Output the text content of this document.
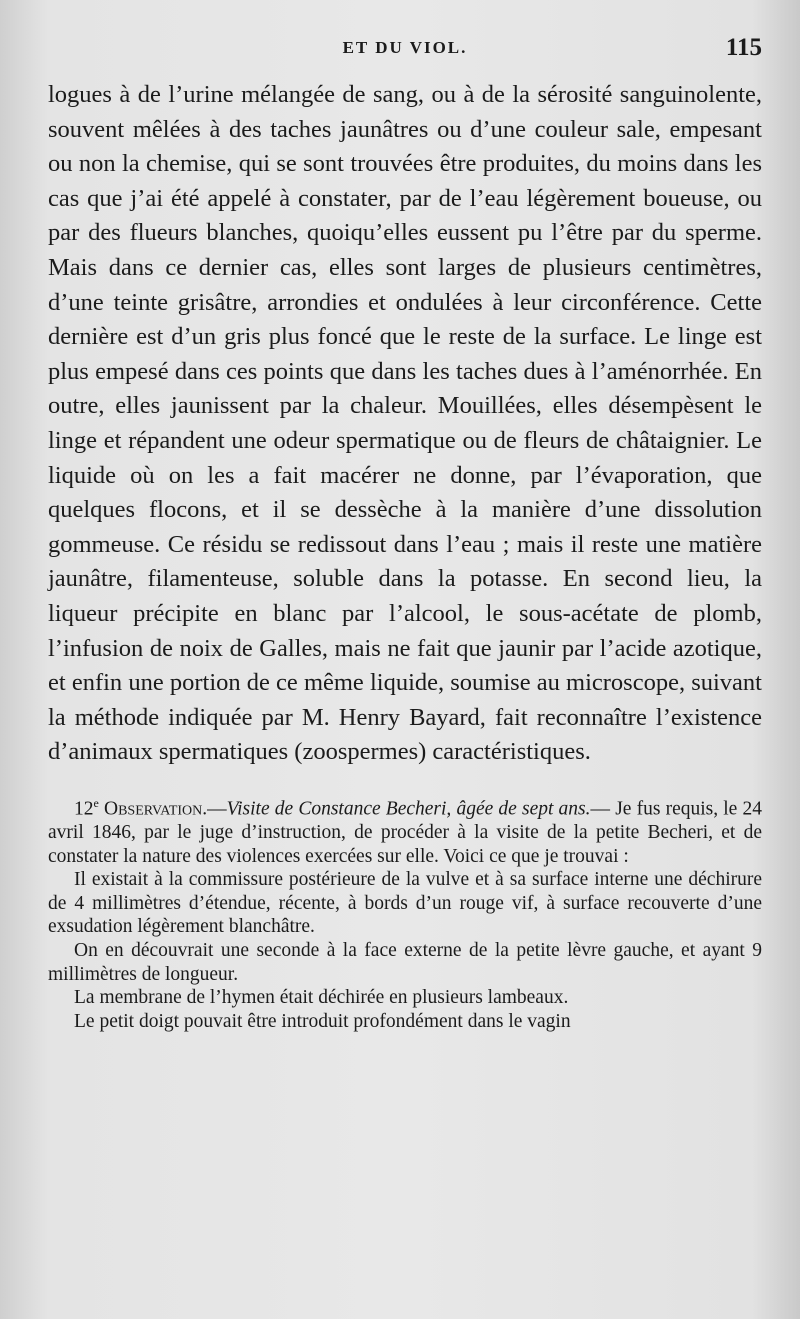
ET DU VIOL.	115

logues à de l’urine mélangée de sang, ou à de la sérosité sanguinolente, souvent mêlées à des taches jaunâtres ou d’une couleur sale, empesant ou non la chemise, qui se sont trouvées être produites, du moins dans les cas que j’ai été appelé à constater, par de l’eau légèrement boueuse, ou par des flueurs blanches, quoiqu’elles eussent pu l’être par du sperme. Mais dans ce dernier cas, elles sont larges de plusieurs centimètres, d’une teinte grisâtre, arrondies et ondulées à leur circonférence. Cette dernière est d’un gris plus foncé que le reste de la surface. Le linge est plus empesé dans ces points que dans les taches dues à l’aménorrhée. En outre, elles jaunissent par la chaleur. Mouillées, elles désempèsent le linge et répandent une odeur spermatique ou de fleurs de châtaignier. Le liquide où on les a fait macérer ne donne, par l’évaporation, que quelques flocons, et il se dessèche à la manière d’une dissolution gommeuse. Ce résidu se redissout dans l’eau ; mais il reste une matière jaunâtre, filamenteuse, soluble dans la potasse. En second lieu, la liqueur précipite en blanc par l’alcool, le sous-acétate de plomb, l’infusion de noix de Galles, mais ne fait que jaunir par l’acide azotique, et enfin une portion de ce même liquide, soumise au microscope, suivant la méthode indiquée par M. Henry Bayard, fait reconnaître l’existence d’animaux spermatiques (zoospermes) caractéristiques.

12e Observation.—Visite de Constance Becheri, âgée de sept ans.— Je fus requis, le 24 avril 1846, par le juge d’instruction, de procéder à la visite de la petite Becheri, et de constater la nature des violences exercées sur elle. Voici ce que je trouvai :

Il existait à la commissure postérieure de la vulve et à sa surface interne une déchirure de 4 millimètres d’étendue, récente, à bords d’un rouge vif, à surface recouverte d’une exsudation légèrement blanchâtre.

On en découvrait une seconde à la face externe de la petite lèvre gauche, et ayant 9 millimètres de longueur.

La membrane de l’hymen était déchirée en plusieurs lambeaux.

Le petit doigt pouvait être introduit profondément dans le vagin
